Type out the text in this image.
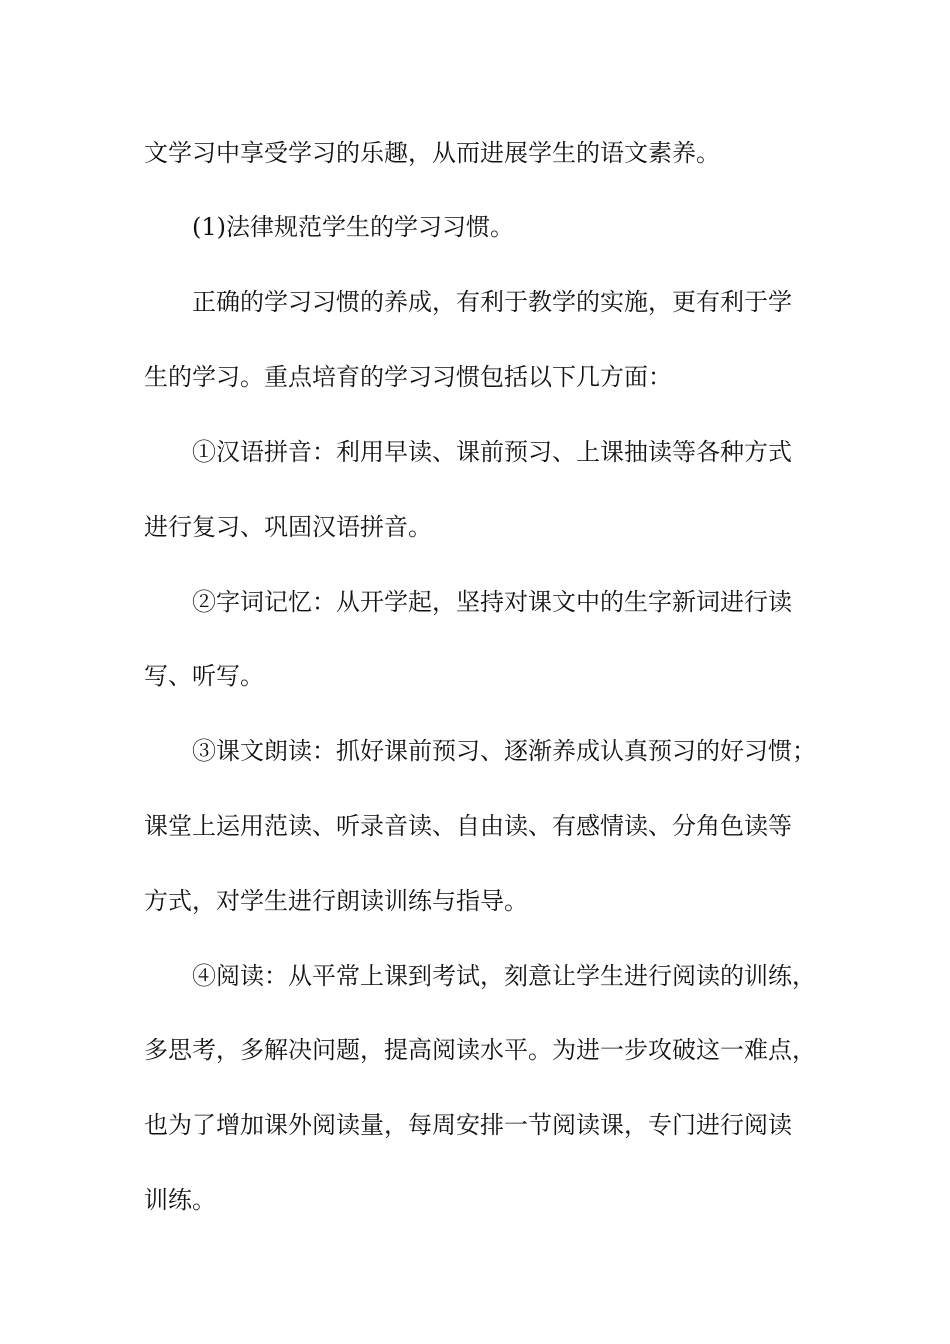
文学习中享受学习的乐趣，从而进展学生的语文素养。
(1)法律规范学生的学习习惯。
正确的学习习惯的养成，有利于教学的实施，更有利于学
生的学习。重点培育的学习习惯包括以下几方面：
①汉语拼音：利用早读、课前预习、上课抽读等各种方式
进行复习、巩固汉语拼音。
②字词记忆：从开学起，坚持对课文中的生字新词进行读
写、听写。
③课文朗读：抓好课前预习、逐渐养成认真预习的好习惯；
课堂上运用范读、听录音读、自由读、有感情读、分角色读等
方式，对学生进行朗读训练与指导。
④阅读：从平常上课到考试，刻意让学生进行阅读的训练，
多思考，多解决问题，提高阅读水平。为进一步攻破这一难点，
也为了增加课外阅读量，每周安排一节阅读课，专门进行阅读
训练。
